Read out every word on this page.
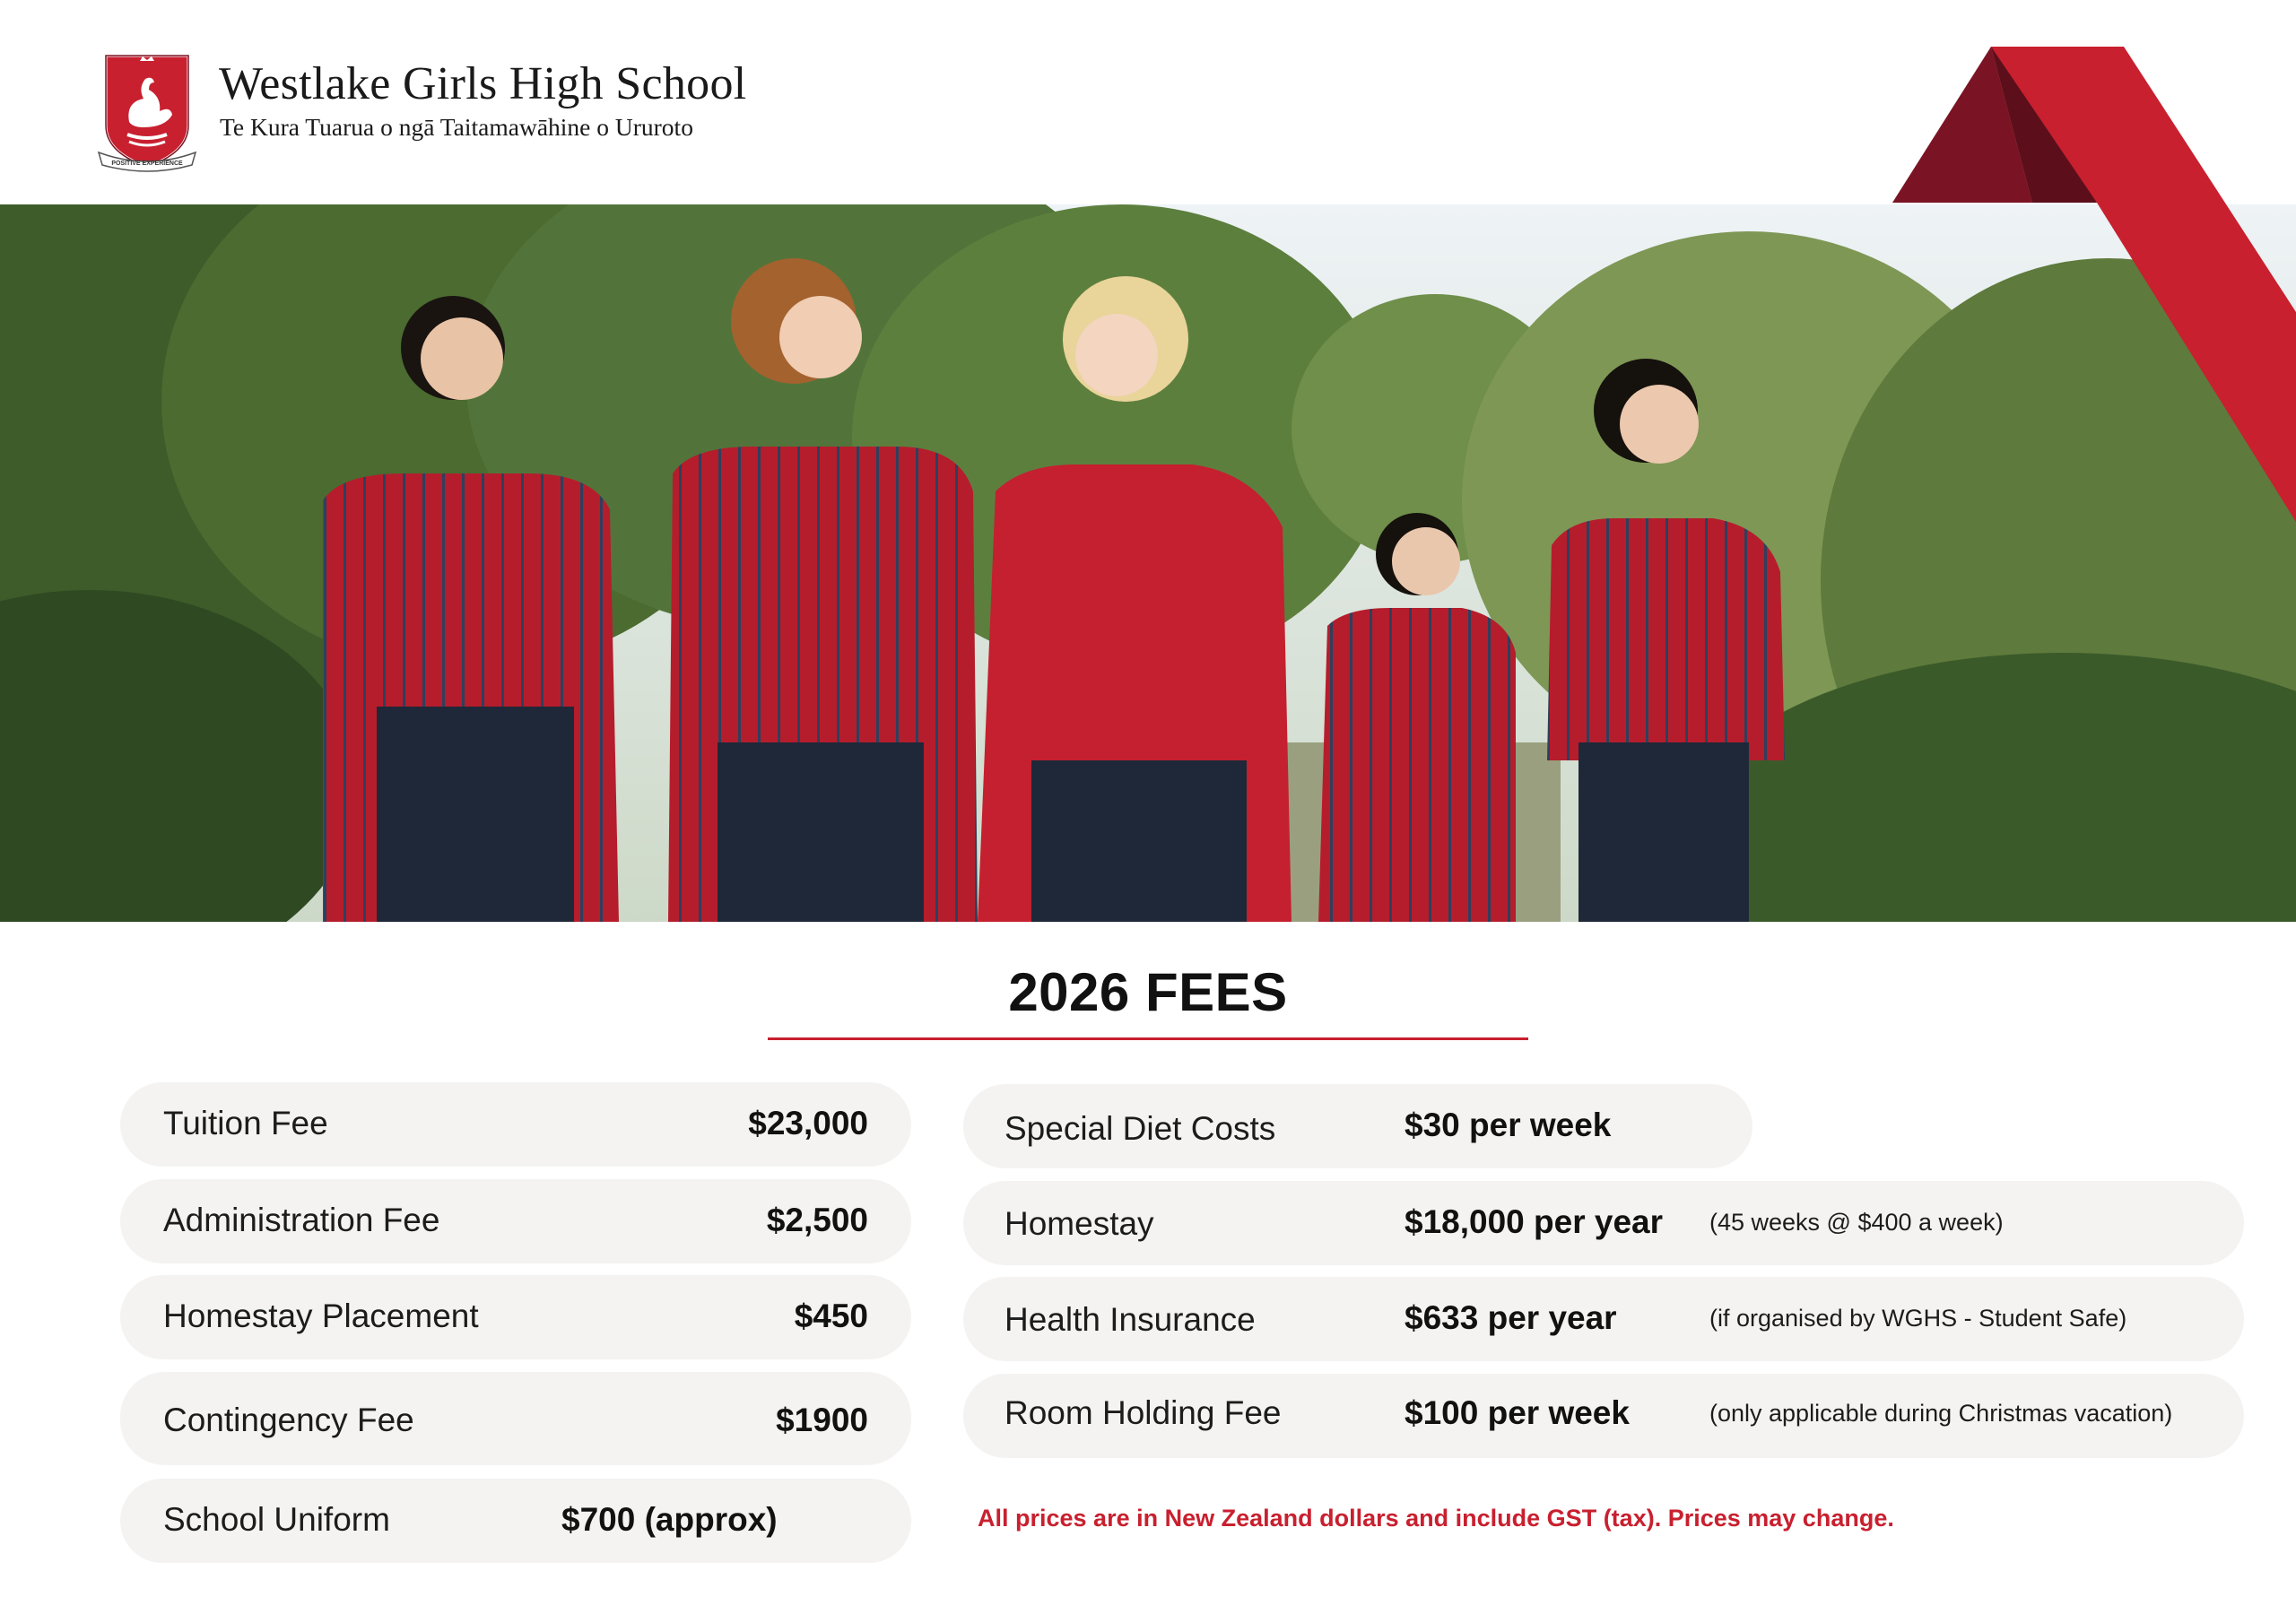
POSITIVE EXPERIENCE
Westlake Girls High School
Te Kura Tuarua o ngā Taitamawāhine o Ururoto
2026 FEES
Tuition Fee	$23,000
Administration Fee	$2,500
Homestay Placement	$450
Contingency Fee	$1900
School Uniform	$700 (approx)
Special Diet Costs	$30 per week
Homestay	$18,000 per year (45 weeks @ $400 a week)
Health Insurance	$633 per year	(if organised by WGHS - Student Safe)
Room Holding Fee	$100 per week	(only applicable during Christmas vacation)
All prices are in New Zealand dollars and include GST (tax). Prices may change.
